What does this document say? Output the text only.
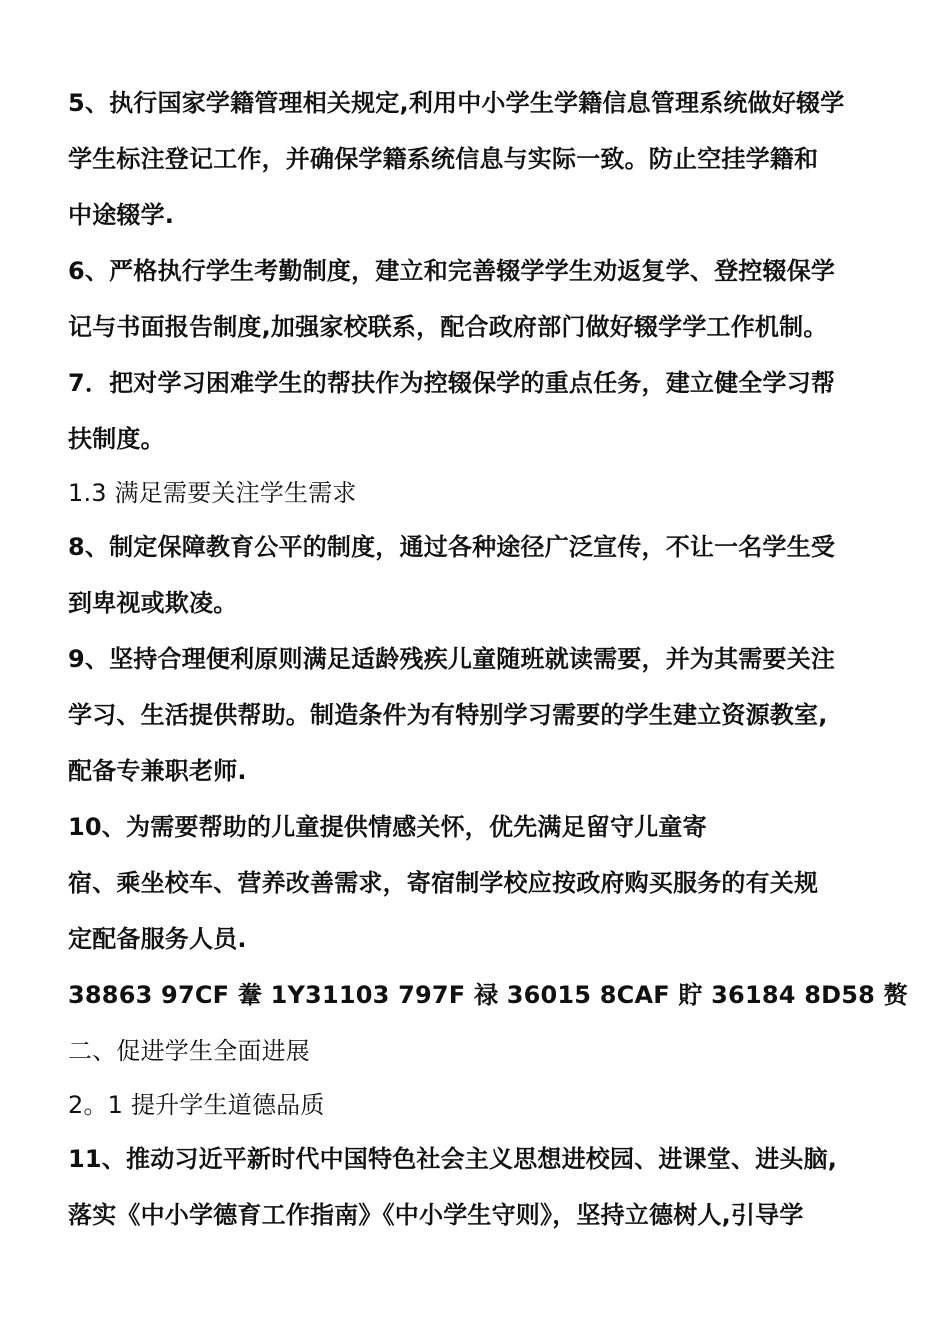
5、执行国家学籍管理相关规定,利用中小学生学籍信息管理系统做好辍学
学生标注登记工作，并确保学籍系统信息与实际一致。防止空挂学籍和
中途辍学.
6、严格执行学生考勤制度，建立和完善辍学学生劝返复学、登控辍保学
记与书面报告制度,加强家校联系，配合政府部门做好辍学学工作机制。
7．把对学习困难学生的帮扶作为控辍保学的重点任务，建立健全学习帮
扶制度。
1.3 满足需要关注学生需求
8、制定保障教育公平的制度，通过各种途径广泛宣传，不让一名学生受
到卑视或欺凌。
9、坚持合理便利原则满足适龄残疾儿童随班就读需要，并为其需要关注
学习、生活提供帮助。制造条件为有特别学习需要的学生建立资源教室,
配备专兼职老师.
10、为需要帮助的儿童提供情感关怀，优先满足留守儿童寄
宿、乘坐校车、营养改善需求，寄宿制学校应按政府购买服务的有关规
定配备服务人员.
38863 97CF 韏 1Y31103 797F 禄 36015 8CAF 貯 36184 8D58 赘
二、促进学生全面进展
2。1 提升学生道德品质
11、推动习近平新时代中国特色社会主义思想进校园、进课堂、进头脑,
落实《中小学德育工作指南》《中小学生守则》，坚持立德树人,引导学
